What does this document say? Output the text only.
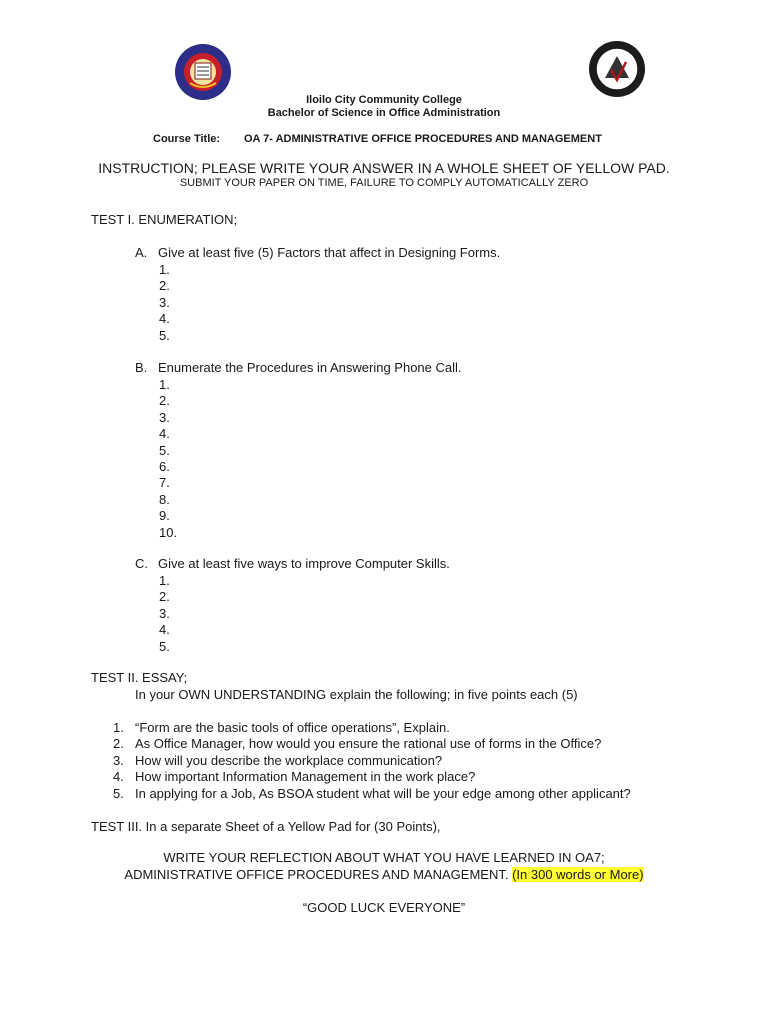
Iloilo City Community College
Bachelor of Science in Office Administration
Course Title: OA 7- ADMINISTRATIVE OFFICE PROCEDURES AND MANAGEMENT
INSTRUCTION; PLEASE WRITE YOUR ANSWER IN A WHOLE SHEET OF YELLOW PAD.
SUBMIT YOUR PAPER ON TIME, FAILURE TO COMPLY AUTOMATICALLY ZERO
TEST I. ENUMERATION;
A. Give at least five (5) Factors that affect in Designing Forms.
1.
2.
3.
4.
5.
B. Enumerate the Procedures in Answering Phone Call.
1.
2.
3.
4.
5.
6.
7.
8.
9.
10.
C. Give at least five ways to improve Computer Skills.
1.
2.
3.
4.
5.
TEST II. ESSAY;
In your OWN UNDERSTANDING explain the following; in five points each (5)
1. “Form are the basic tools of office operations”, Explain.
2. As Office Manager, how would you ensure the rational use of forms in the Office?
3. How will you describe the workplace communication?
4. How important Information Management in the work place?
5. In applying for a Job, As BSOA student what will be your edge among other applicant?
TEST III. In a separate Sheet of a Yellow Pad for (30 Points),
WRITE YOUR REFLECTION ABOUT WHAT YOU HAVE LEARNED IN OA7;
ADMINISTRATIVE OFFICE PROCEDURES AND MANAGEMENT. (In 300 words or More)
“GOOD LUCK EVERYONE”
